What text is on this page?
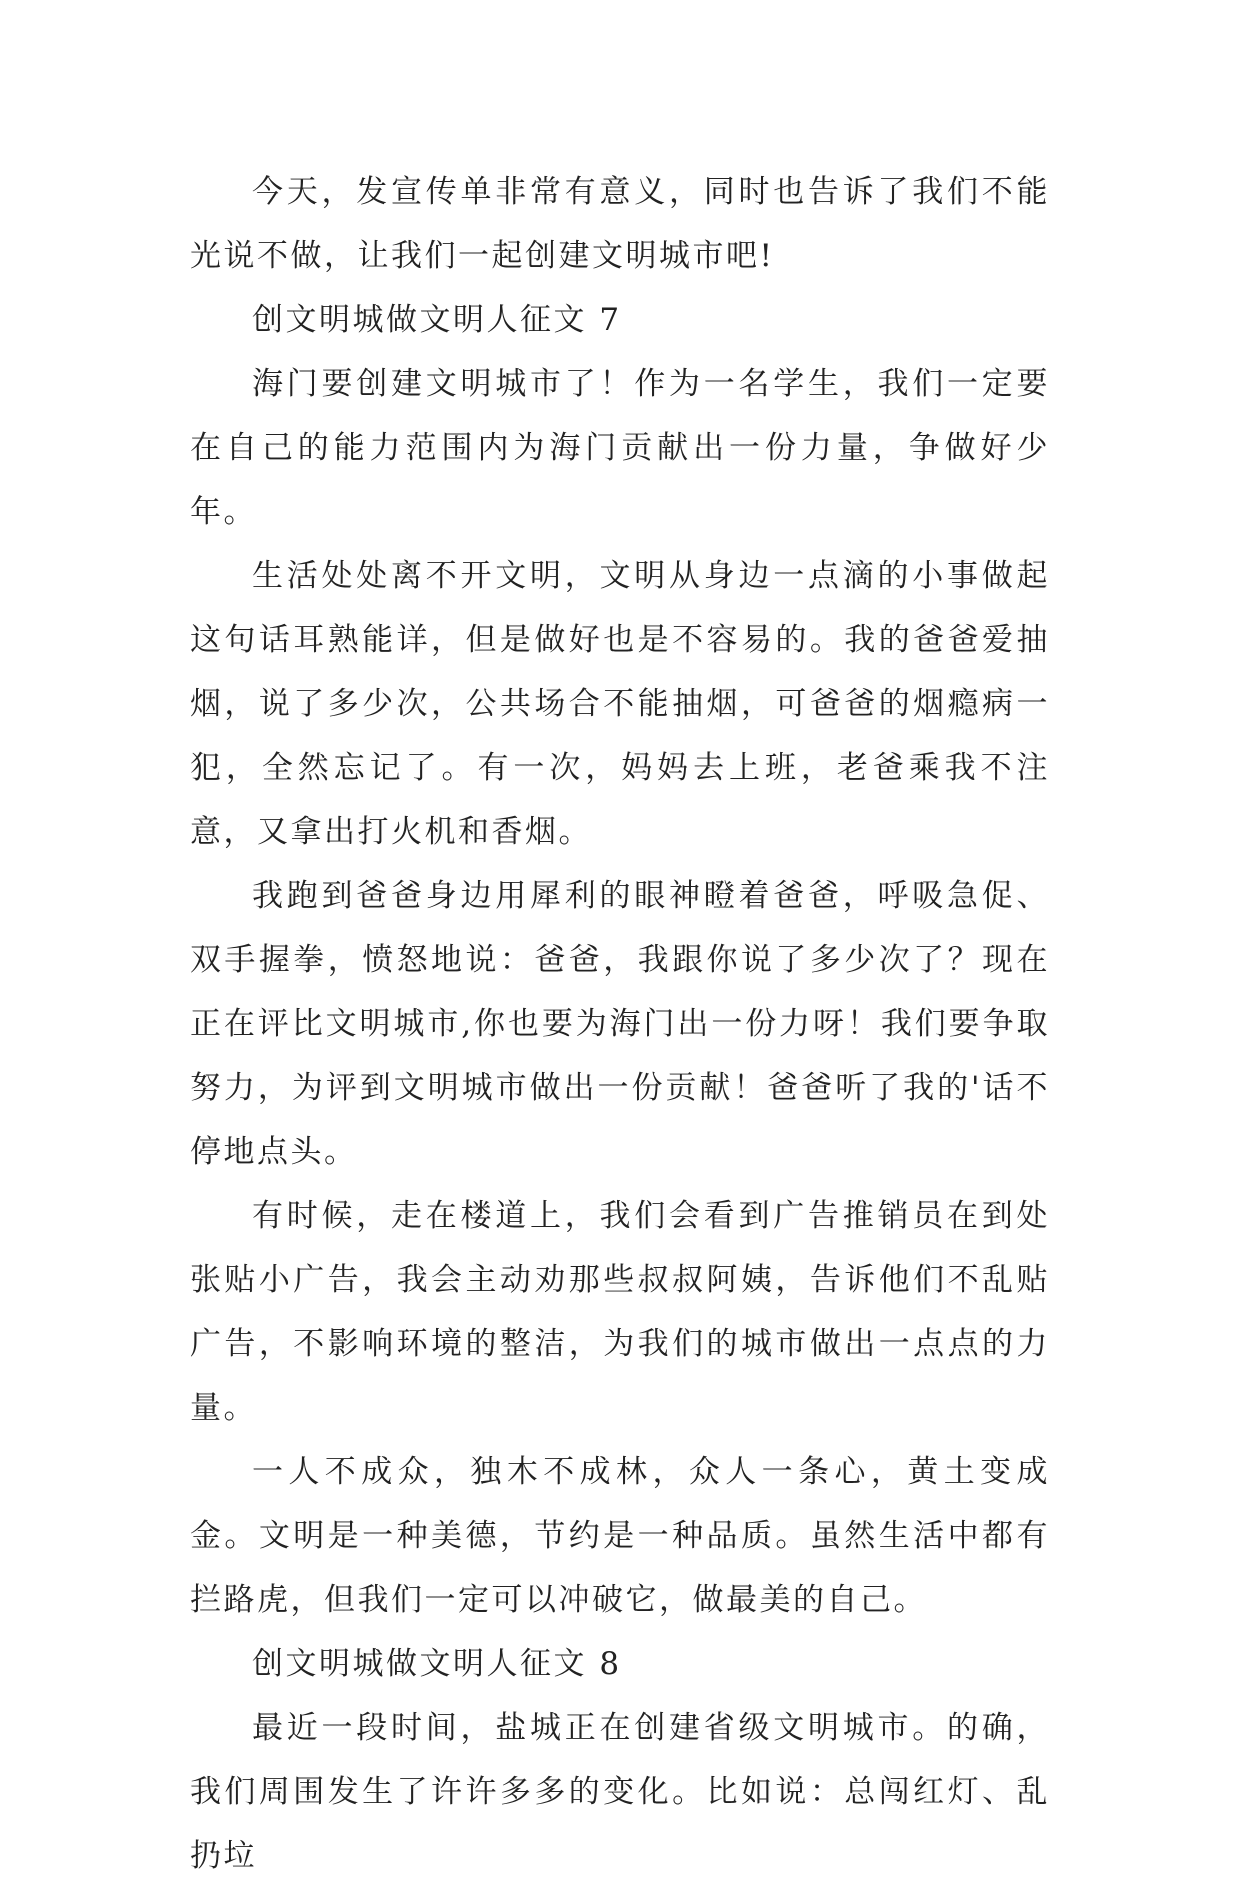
今天，发宣传单非常有意义，同时也告诉了我们不能光说不做，让我们一起创建文明城市吧!

创文明城做文明人征文 7

海门要创建文明城市了！作为一名学生，我们一定要在自己的能力范围内为海门贡献出一份力量，争做好少年。

生活处处离不开文明，文明从身边一点滴的小事做起这句话耳熟能详，但是做好也是不容易的。我的爸爸爱抽烟，说了多少次，公共场合不能抽烟，可爸爸的烟瘾病一犯，全然忘记了。有一次，妈妈去上班，老爸乘我不注意，又拿出打火机和香烟。

我跑到爸爸身边用犀利的眼神瞪着爸爸，呼吸急促、双手握拳，愤怒地说：爸爸，我跟你说了多少次了？现在正在评比文明城市,你也要为海门出一份力呀！我们要争取努力，为评到文明城市做出一份贡献！爸爸听了我的'话不停地点头。

有时候，走在楼道上，我们会看到广告推销员在到处张贴小广告，我会主动劝那些叔叔阿姨，告诉他们不乱贴广告，不影响环境的整洁，为我们的城市做出一点点的力量。

一人不成众，独木不成林，众人一条心，黄土变成金。文明是一种美德，节约是一种品质。虽然生活中都有拦路虎，但我们一定可以冲破它，做最美的自己。

创文明城做文明人征文 8

最近一段时间，盐城正在创建省级文明城市。的确，我们周围发生了许许多多的变化。比如说：总闯红灯、乱扔垃
